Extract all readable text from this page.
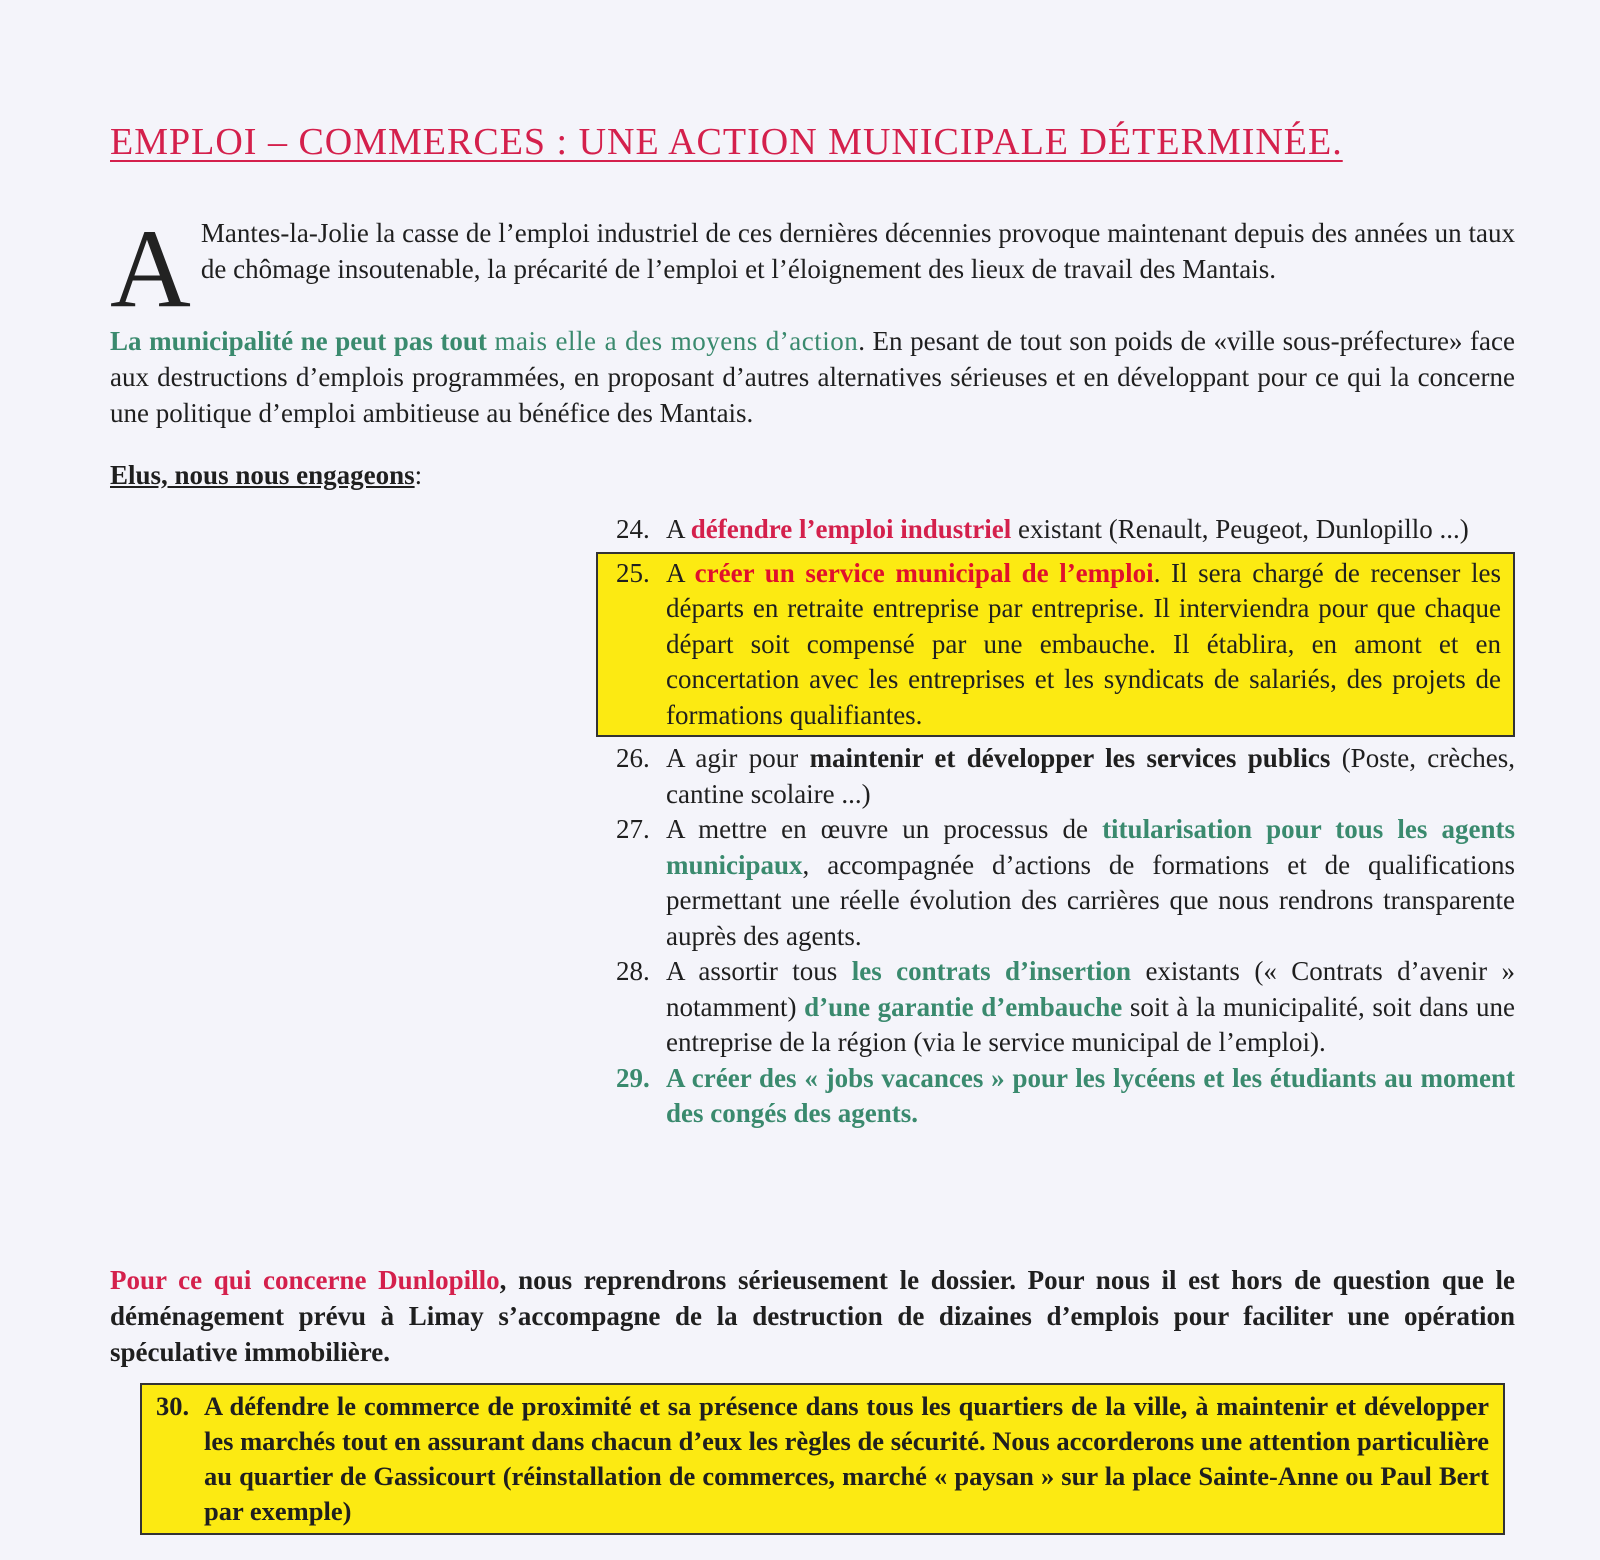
EMPLOI – COMMERCES : UNE ACTION MUNICIPALE DÉTERMINÉE.

A Mantes-la-Jolie la casse de l’emploi industriel de ces dernières décennies provoque maintenant depuis des années un taux de chômage insoutenable, la précarité de l’emploi et l’éloignement des lieux de travail des Mantais.

La municipalité ne peut pas tout mais elle a des moyens d’action. En pesant de tout son poids de «ville sous-préfecture» face aux destructions d’emplois programmées, en proposant d’autres alternatives sérieuses et en développant pour ce qui la concerne une politique d’emploi ambitieuse au bénéfice des Mantais.

Elus, nous nous engageons:

24. A défendre l’emploi industriel existant (Renault, Peugeot, Dunlopillo ...)

25. A créer un service municipal de l’emploi. Il sera chargé de recenser les départs en retraite entreprise par entreprise. Il interviendra pour que chaque départ soit compensé par une embauche. Il établira, en amont et en concertation avec les entreprises et les syndicats de salariés, des projets de formations qualifiantes.

26. A agir pour maintenir et développer les services publics (Poste, crèches, cantine scolaire ...)

27. A mettre en œuvre un processus de titularisation pour tous les agents municipaux, accompagnée d’actions de formations et de qualifications permettant une réelle évolution des carrières que nous rendrons transparente auprès des agents.

28. A assortir tous les contrats d’insertion existants (« Contrats d’avenir » notamment) d’une garantie d’embauche soit à la municipalité, soit dans une entreprise de la région (via le service municipal de l’emploi).

29. A créer des « jobs vacances » pour les lycéens et les étudiants au moment des congés des agents.

Pour ce qui concerne Dunlopillo, nous reprendrons sérieusement le dossier. Pour nous il est hors de question que le déménagement prévu à Limay s’accompagne de la destruction de dizaines d’emplois pour faciliter une opération spéculative immobilière.

30. A défendre le commerce de proximité et sa présence dans tous les quartiers de la ville, à maintenir et développer les marchés tout en assurant dans chacun d’eux les règles de sécurité. Nous accorderons une attention particulière au quartier de Gassicourt (réinstallation de commerces, marché « paysan » sur la place Sainte-Anne ou Paul Bert par exemple)
